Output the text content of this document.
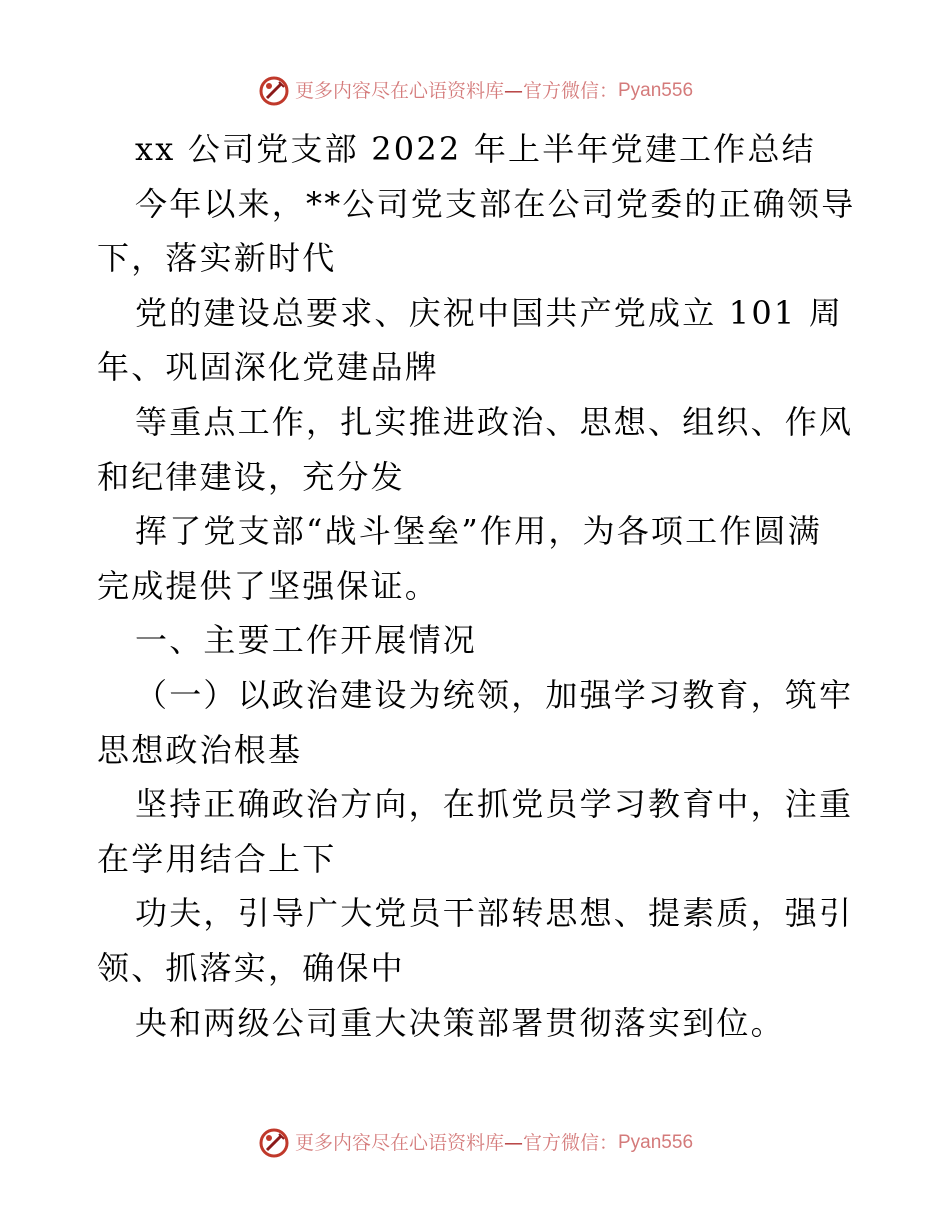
更多内容尽在心语资料库 — 官方微信： Pyan556
xx 公司党支部 2022 年上半年党建工作总结
今年以来，**公司党支部在公司党委的正确领导
下，落实新时代
党的建设总要求、庆祝中国共产党成立 101 周
年、巩固深化党建品牌
等重点工作，扎实推进政治、思想、组织、作风
和纪律建设，充分发
挥了党支部“战斗堡垒”作用，为各项工作圆满
完成提供了坚强保证。
一、主要工作开展情况
（一）以政治建设为统领，加强学习教育，筑牢
思想政治根基
坚持正确政治方向，在抓党员学习教育中，注重
在学用结合上下
功夫，引导广大党员干部转思想、提素质，强引
领、抓落实，确保中
央和两级公司重大决策部署贯彻落实到位。
更多内容尽在心语资料库 — 官方微信： Pyan556
